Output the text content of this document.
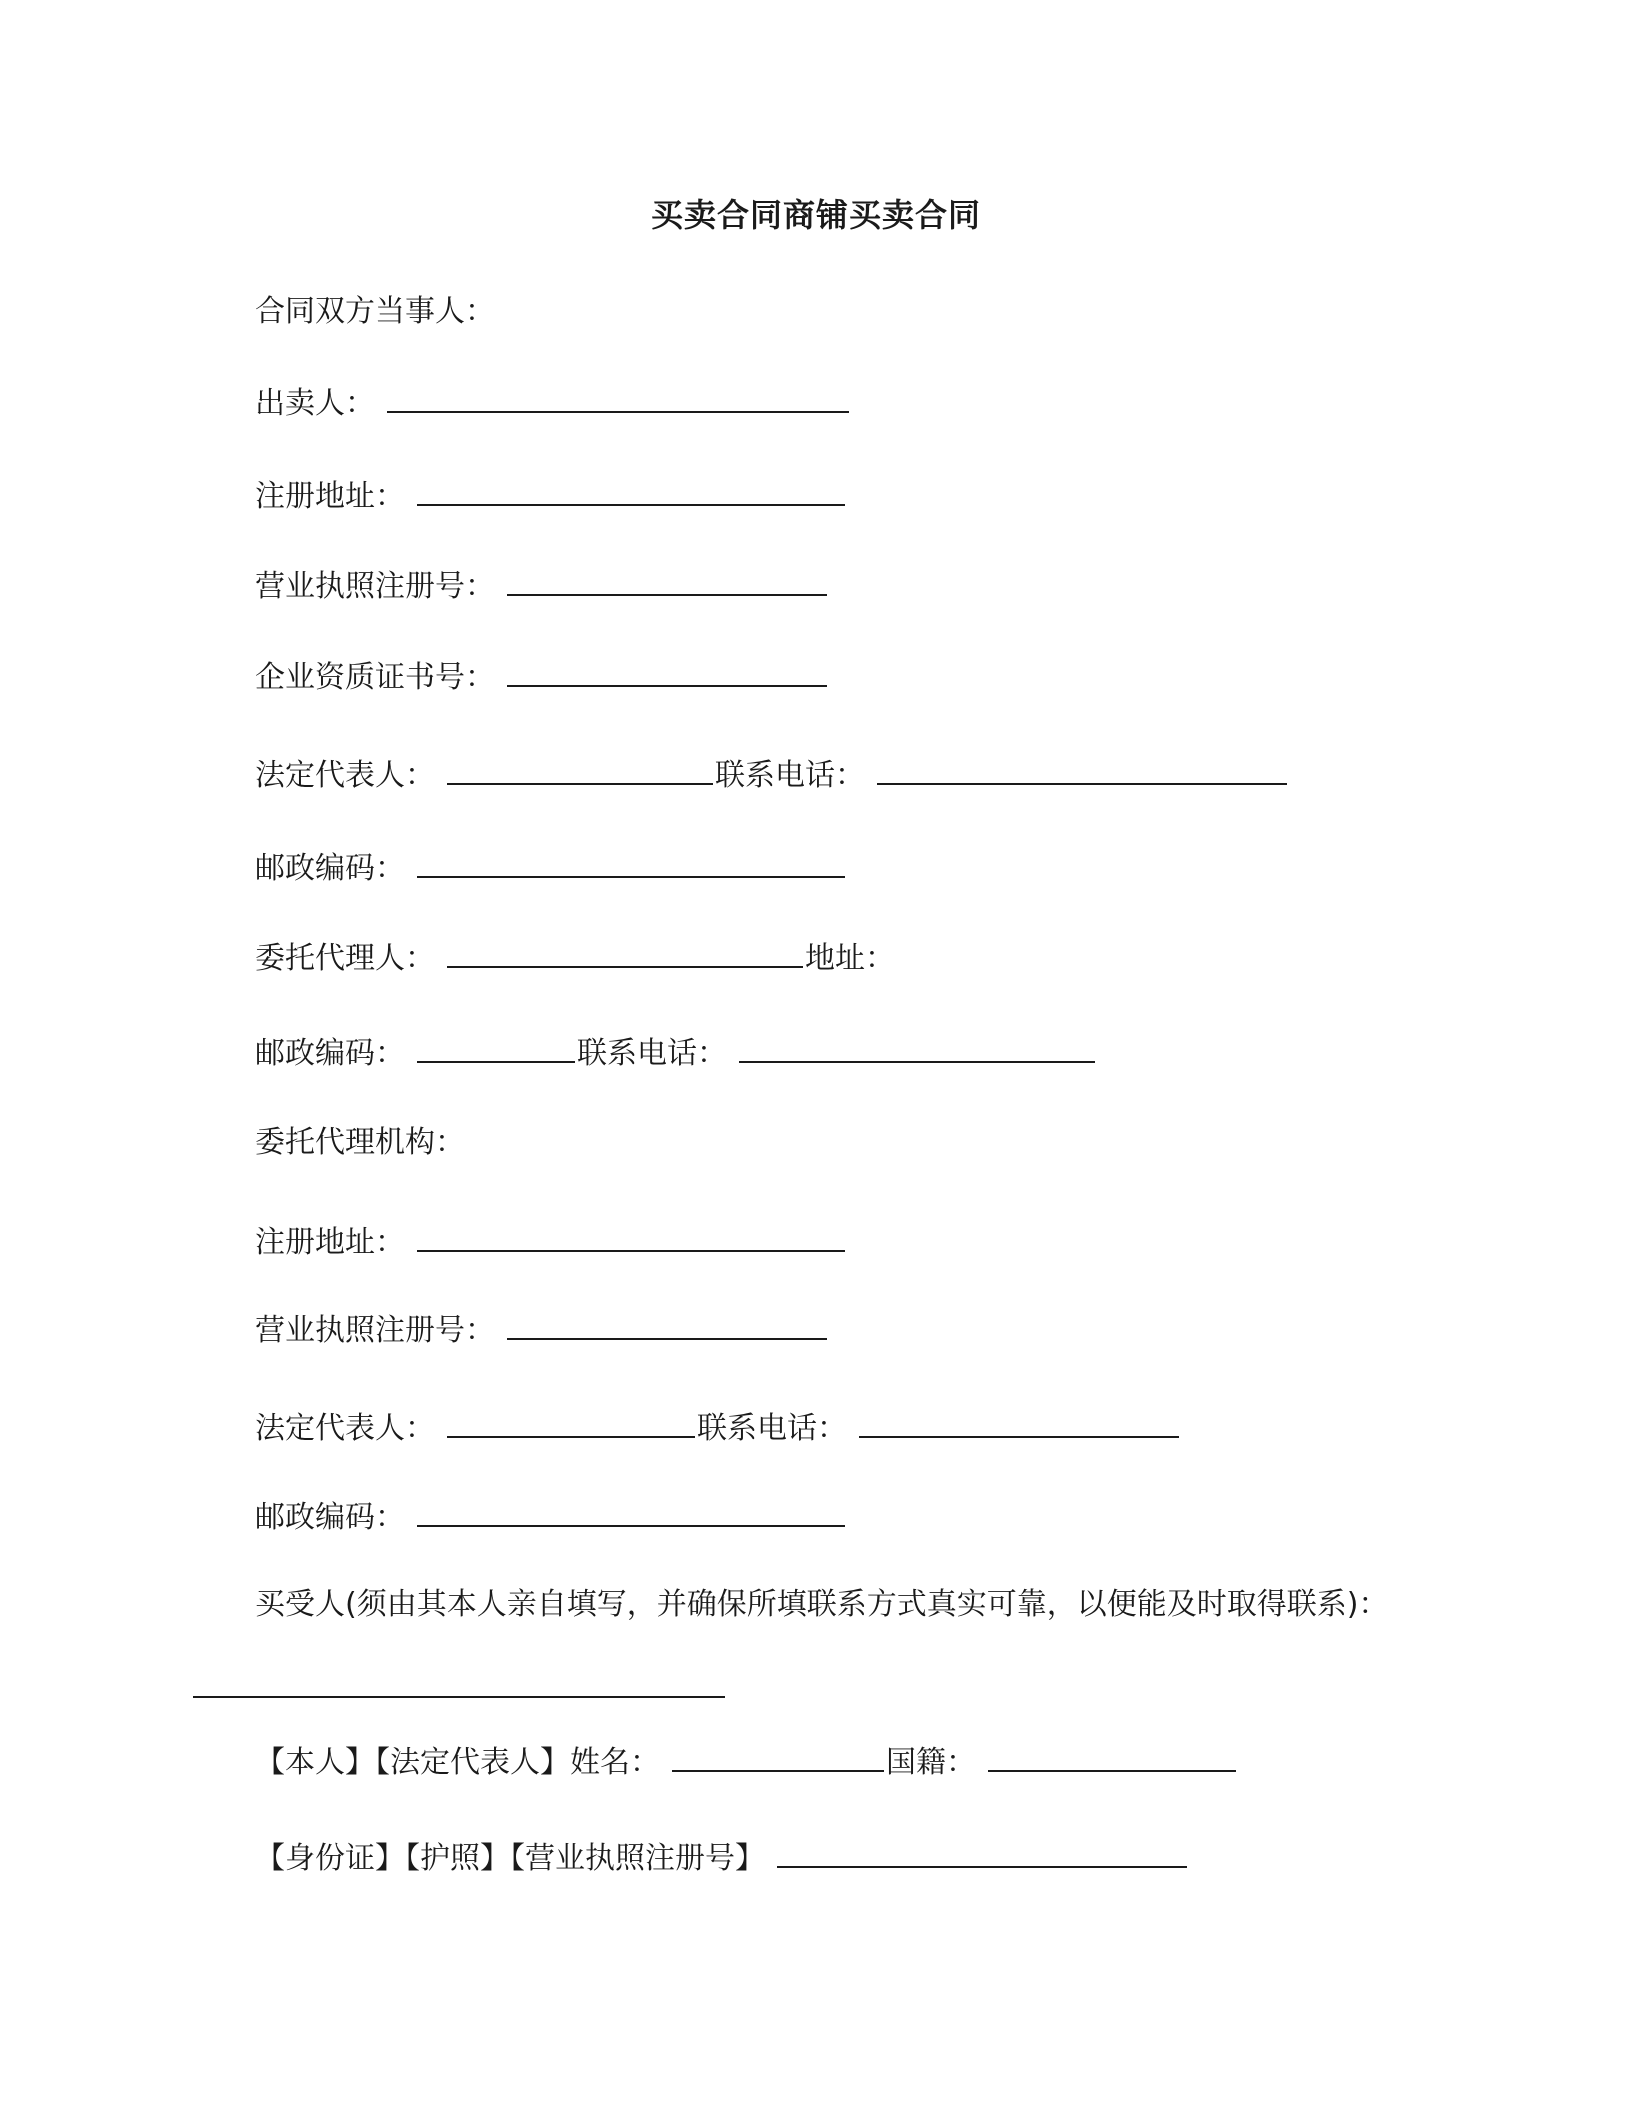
买卖合同商铺买卖合同
合同双方当事人：
出卖人：
注册地址：
营业执照注册号：
企业资质证书号：
法定代表人：	联系电话：
邮政编码：
委托代理人：	地址：
邮政编码：	联系电话：
委托代理机构：
注册地址：
营业执照注册号：
法定代表人：	联系电话：
邮政编码：
买受人(须由其本人亲自填写，并确保所填联系方式真实可靠，以便能及时取得联系)：
【本人】【法定代表人】姓名：	国籍：
【身份证】【护照】【营业执照注册号】
